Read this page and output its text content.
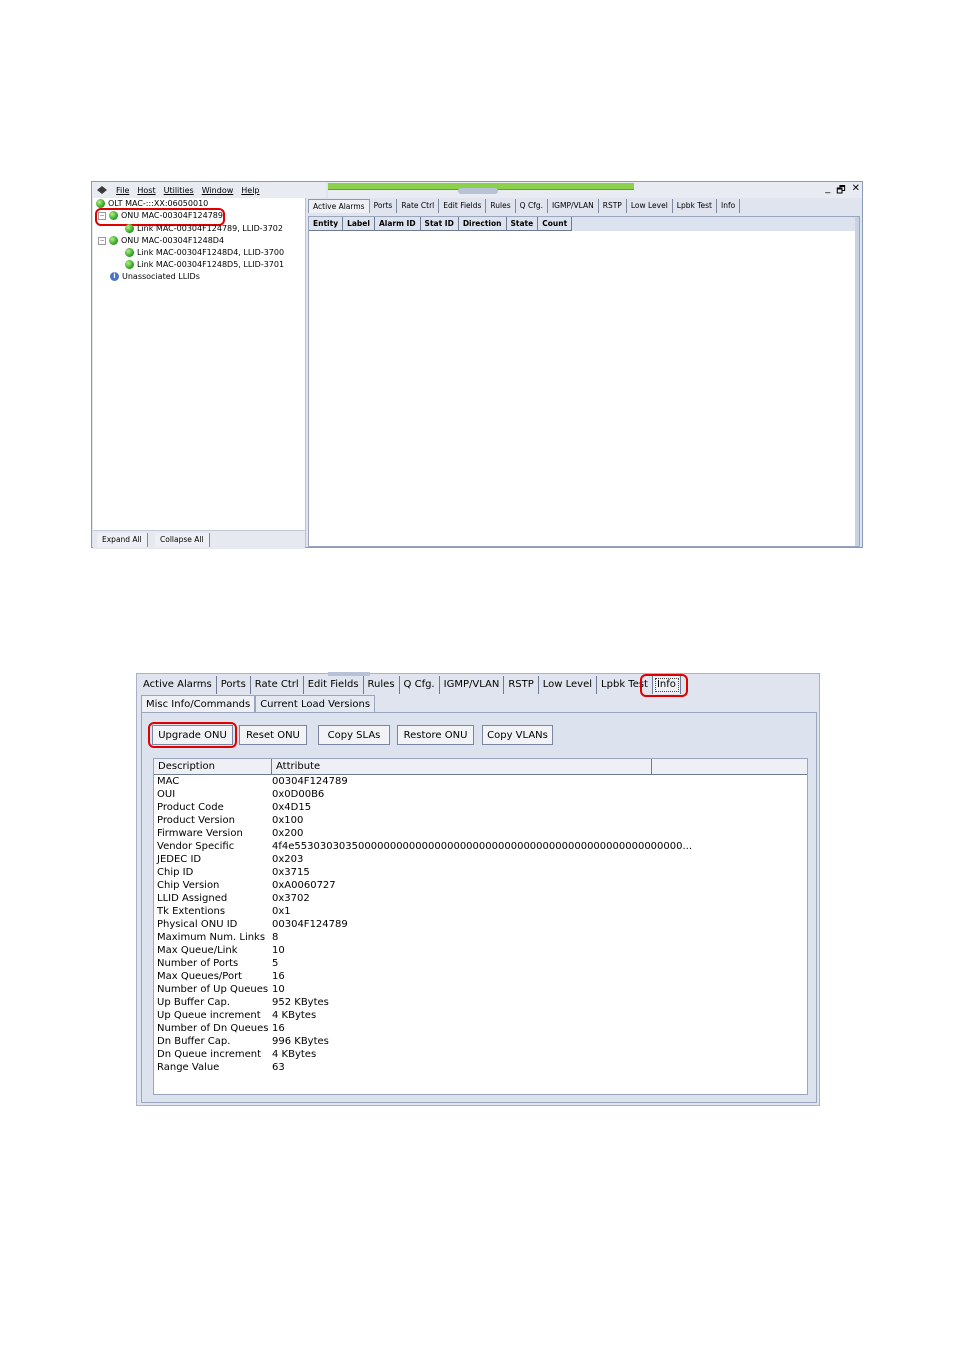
File Host Utilities Window Help	_ 🗗 ✕
OLT MAC-:::XX:06050010
− ONU MAC-00304F124789
Link MAC-00304F124789, LLID-3702
− ONU MAC-00304F1248D4
Link MAC-00304F1248D4, LLID-3700
Link MAC-00304F1248D5, LLID-3701
i Unassociated LLIDs
Expand All	Collapse All
Active Alarms	Ports	Rate Ctrl	Edit Fields	Rules	Q Cfg.	IGMP/VLAN	RSTP	Low Level	Lpbk Test	Info
Entity	Label	Alarm ID	Stat ID	Direction	State	Count
Active Alarms Ports Rate Ctrl Edit Fields Rules Q Cfg. IGMP/VLAN RSTP Low Level Lpbk Test Info
Misc Info/Commands	Current Load Versions
Upgrade ONU	Reset ONU	Copy SLAs	Restore ONU	Copy VLANs
Description	Attribute
MAC	00304F124789
OUI	0x0D00B6
Product Code	0x4D15
Product Version	0x100
Firmware Version	0x200
Vendor Specific	4f4e5530303035000000000000000000000000000000000000000000000000000...
JEDEC ID	0x203
Chip ID	0x3715
Chip Version	0xA0060727
LLID Assigned	0x3702
Tk Extentions	0x1
Physical ONU ID	00304F124789
Maximum Num. Links 8
Max Queue/Link	10
Number of Ports	5
Max Queues/Port	16
Number of Up Queues 10
Up Buffer Cap.	952 KBytes
Up Queue increment	4 KBytes
Number of Dn Queues 16
Dn Buffer Cap.	996 KBytes
Dn Queue increment	4 KBytes
Range Value	63
